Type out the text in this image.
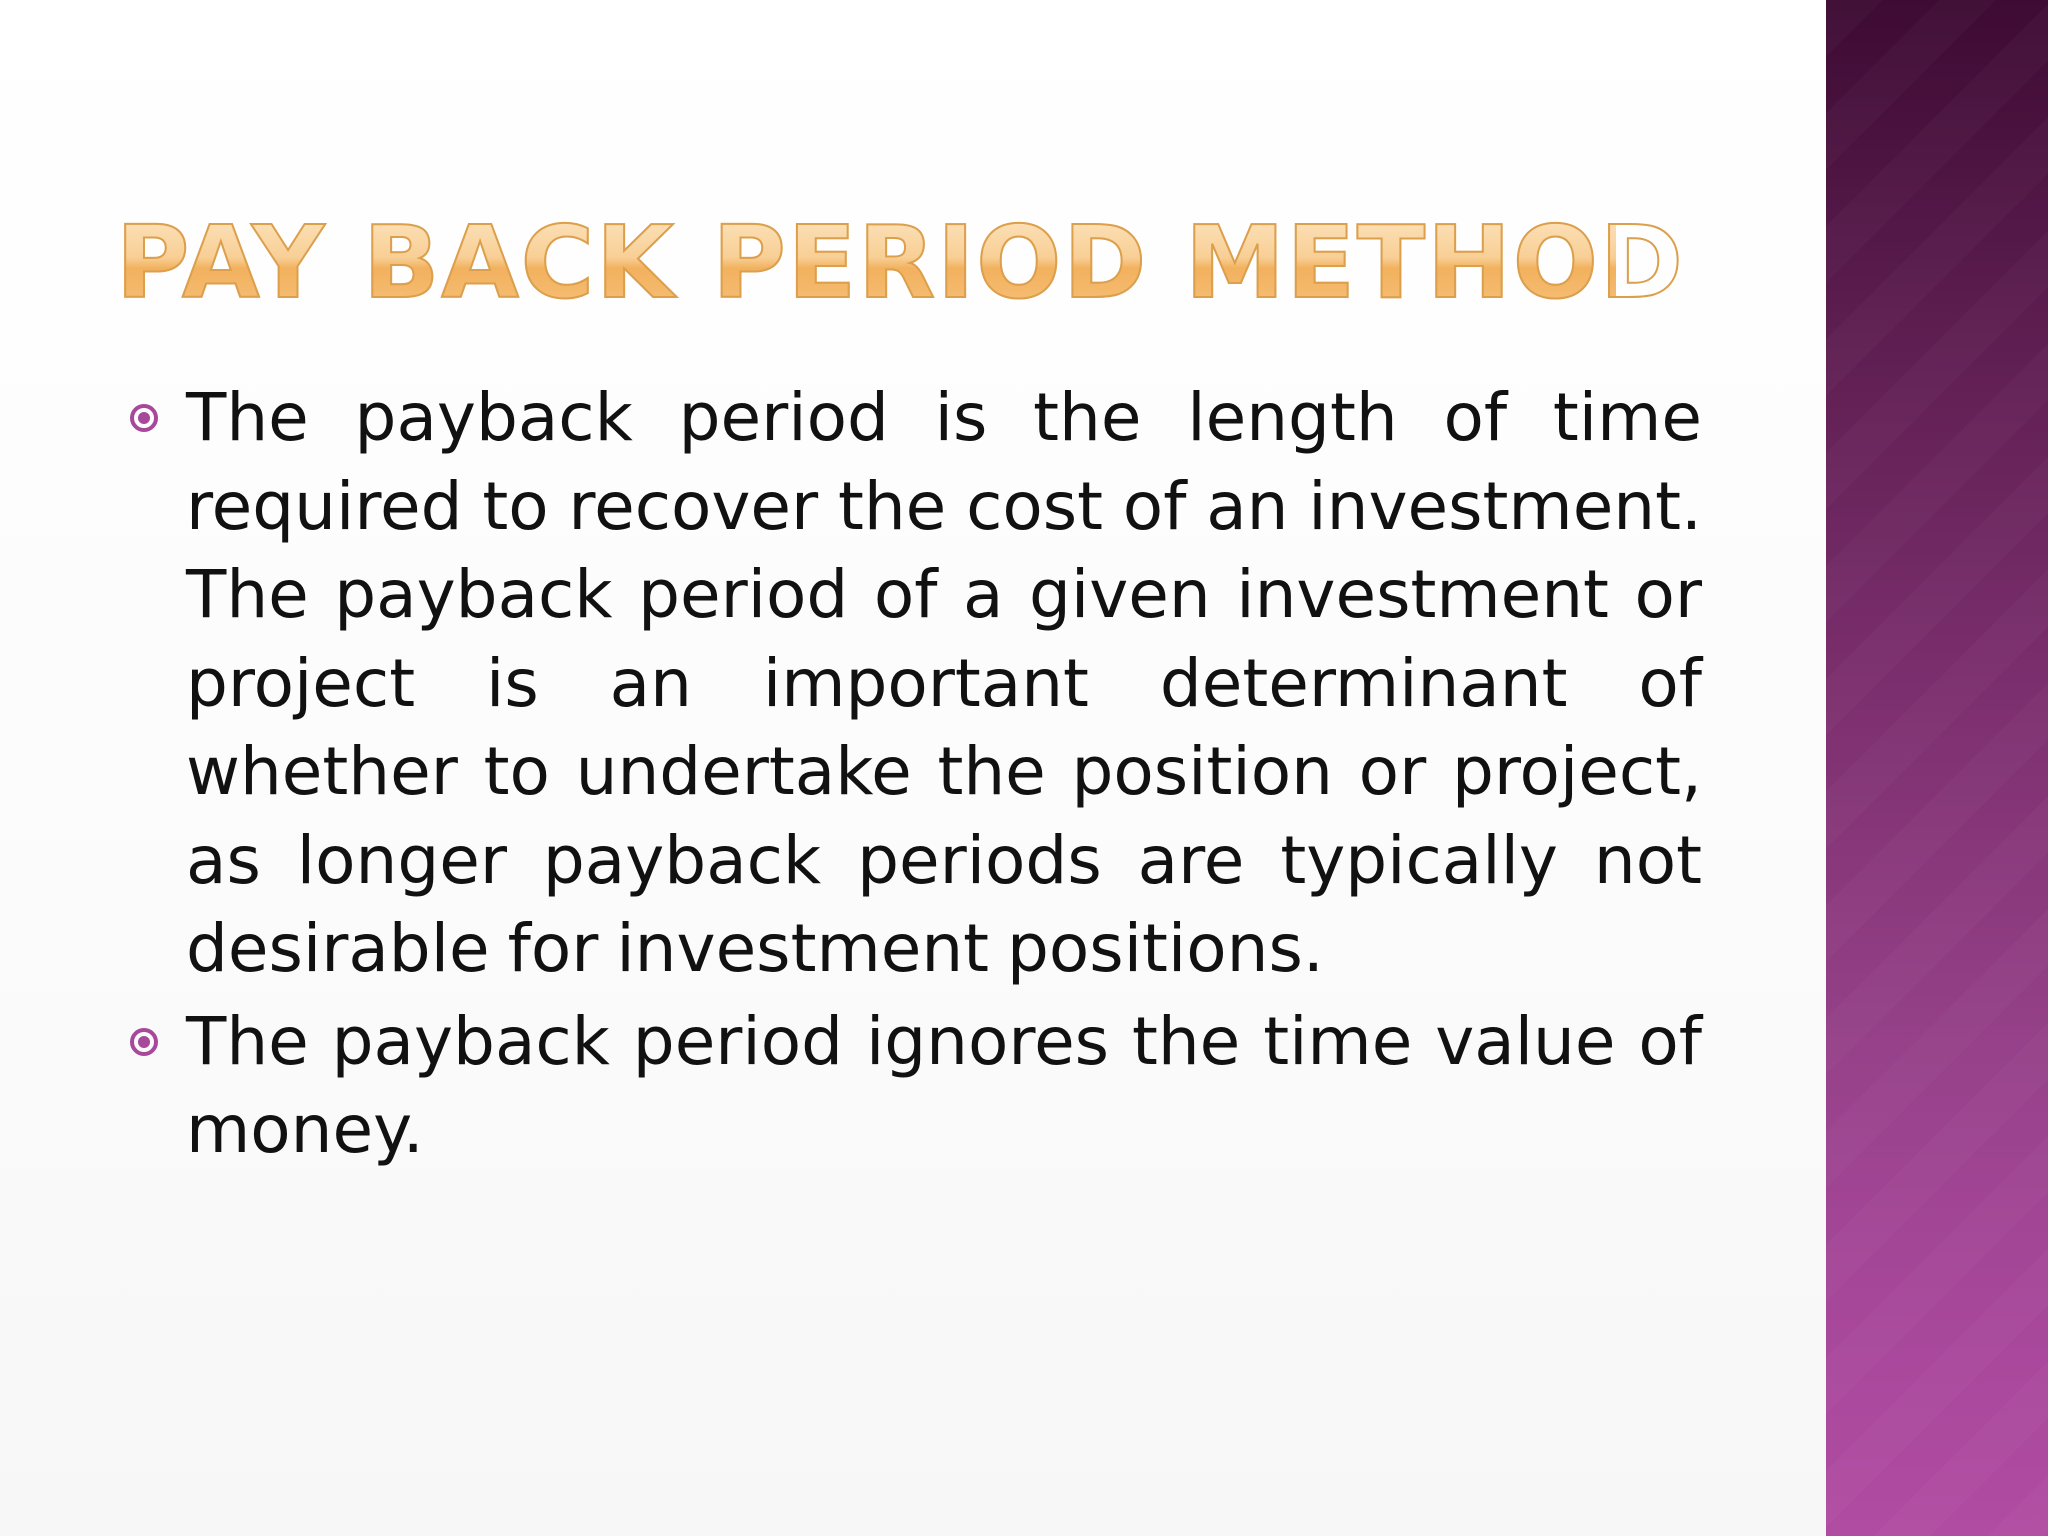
PAY BACK PERIOD METHOD
The payback period is the length of time required to recover the cost of an investment. The payback period of a given investment or project is an important determinant of whether to undertake the position or project, as longer payback periods are typically not desirable for investment positions.
The payback period ignores the time value of money.
